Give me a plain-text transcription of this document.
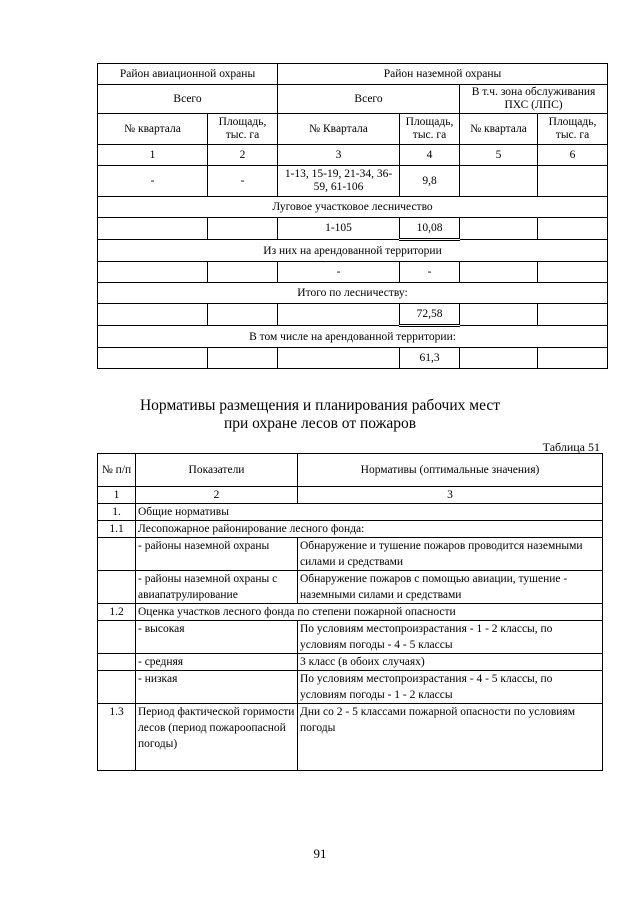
Район авиационной охраны		Район наземной охраны			
Всего		Всего		В т.ч. зона обслуживания ПХС (ЛПС)	
№ квартала	Площадь, тыс. га	№ Квартала	Площадь, тыс. га	№ квартала	Площадь, тыс. га
1	2	3	4	5	6
-	-	1-13, 15-19, 21-34, 36-59, 61-106	9,8		
Луговое участковое лесничество					
		1-105	10,08		
Из них на арендованной территории					
		-	-		
Итого по лесничеству:					
			72,58		
В том числе на арендованной территории:					
			61,3		
Нормативы размещения и планирования рабочих мест
при охране лесов от пожаров
Таблица 51
№ п/п	Показатели	Нормативы (оптимальные значения)
1	2	3
1.	Общие нормативы	
1.1	Лесопожарное районирование лесного фонда:	
	- районы наземной охраны	Обнаружение и тушение пожаров проводится наземными силами и средствами
	- районы наземной охраны с авиапатрулирование	Обнаружение пожаров с помощью авиации, тушение - наземными силами и средствами
1.2	Оценка участков лесного фонда по степени пожарной опасности	
	- высокая	По условиям местопроизрастания - 1 - 2 классы, по условиям погоды - 4 - 5 классы
	- средняя	3 класс (в обоих случаях)
	- низкая	По условиям местопроизрастания - 4 - 5 классы, по условиям погоды - 1 - 2 классы
1.3	Период фактической горимости лесов (период пожароопасной погоды)	Дни со 2 - 5 классами пожарной опасности по условиям погоды
91
